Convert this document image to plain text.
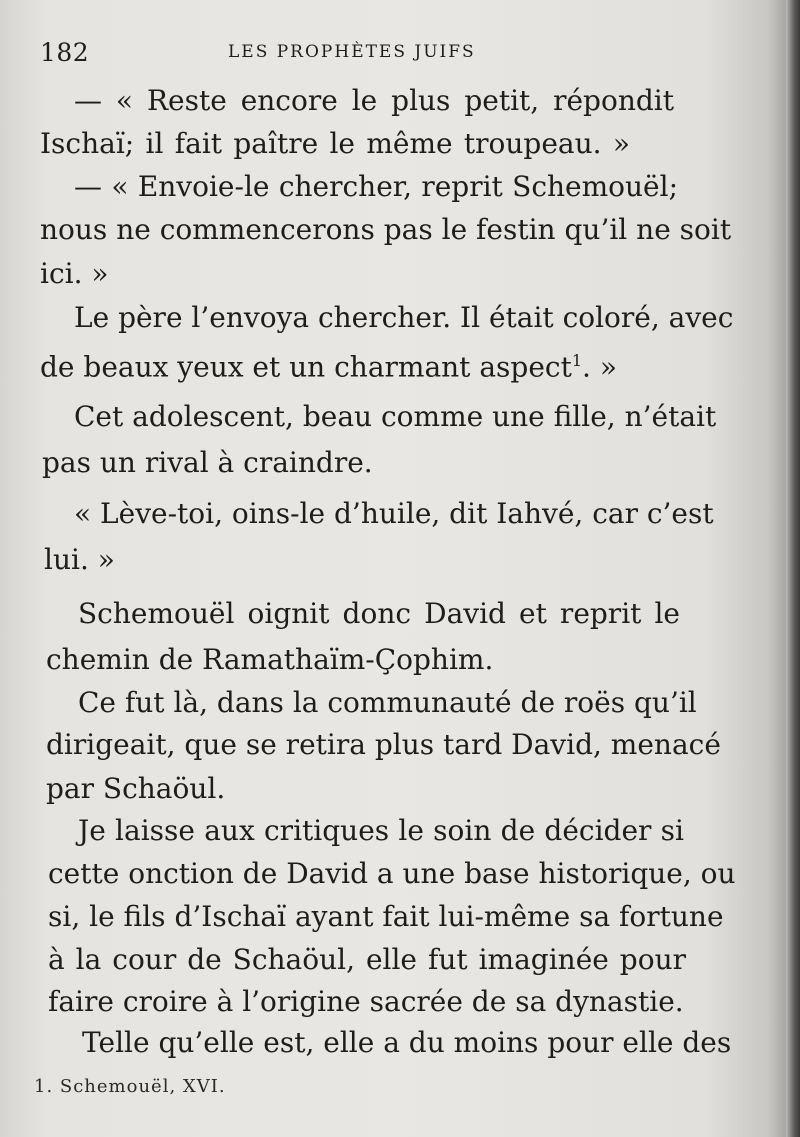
182	LES PROPHÈTES JUIFS
— « Reste encore le plus petit, répondit
Ischaï; il fait paître le même troupeau. »
— « Envoie-le chercher, reprit Schemouël;
nous ne commencerons pas le festin qu’il ne soit
ici. »
Le père l’envoya chercher. Il était coloré, avec
de beaux yeux et un charmant aspect$^1$. »
Cet adolescent, beau comme une fille, n’était
pas un rival à craindre.
« Lève-toi, oins-le d’huile, dit Iahvé, car c’est
lui. »
Schemouël oignit donc David et reprit le
chemin de Ramathaïm-Çophim.
Ce fut là, dans la communauté de roës qu’il
dirigeait, que se retira plus tard David, menacé
par Schaöul.
Je laisse aux critiques le soin de décider si
cette onction de David a une base historique, ou
si, le fils d’Ischaï ayant fait lui-même sa fortune
à la cour de Schaöul, elle fut imaginée pour
faire croire à l’origine sacrée de sa dynastie.
Telle qu’elle est, elle a du moins pour elle des
1. Schemouël, XVI.
